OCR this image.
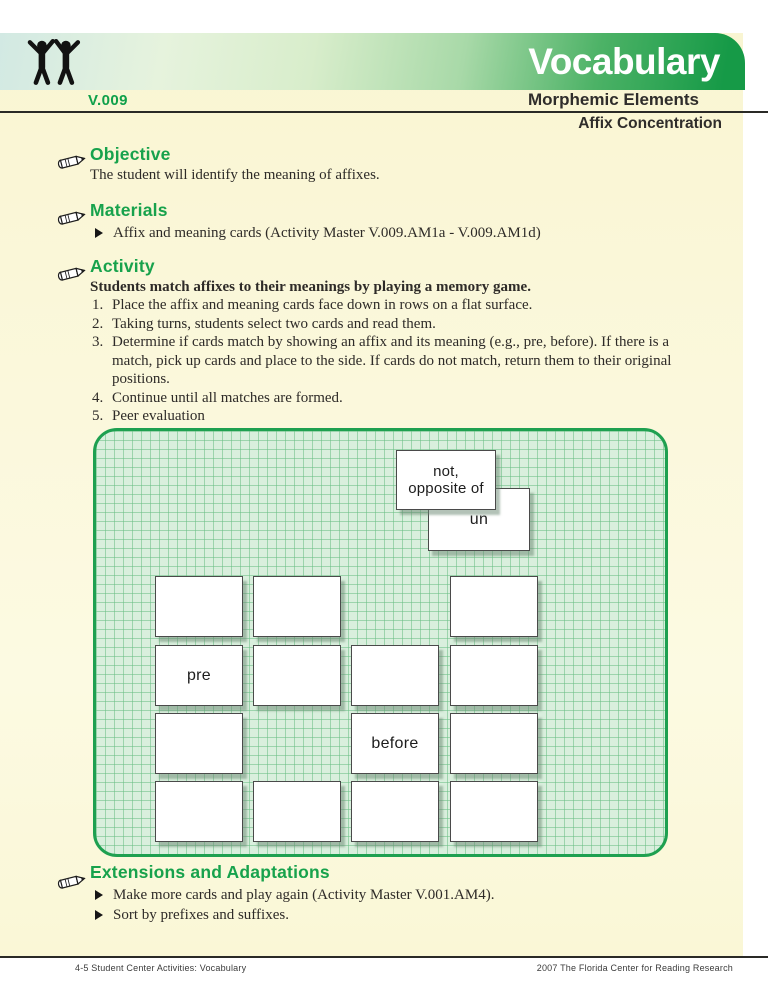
Vocabulary
V.009	Morphemic Elements
Affix Concentration
Objective
The student will identify the meaning of affixes.
Materials
Affix and meaning cards (Activity Master V.009.AM1a - V.009.AM1d)
Activity
Students match affixes to their meanings by playing a memory game.
1. Place the affix and meaning cards face down in rows on a flat surface.
2. Taking turns, students select two cards and read them.
3. Determine if cards match by showing an affix and its meaning (e.g., pre, before). If there is a match, pick up cards and place to the side. If cards do not match, return them to their original positions.
4. Continue until all matches are formed.
5. Peer evaluation
not,
opposite of
un
pre
before
Extensions and Adaptations
Make more cards and play again (Activity Master V.001.AM4).
Sort by prefixes and suffixes.
4-5 Student Center Activities: Vocabulary	2007 The Florida Center for Reading Research
